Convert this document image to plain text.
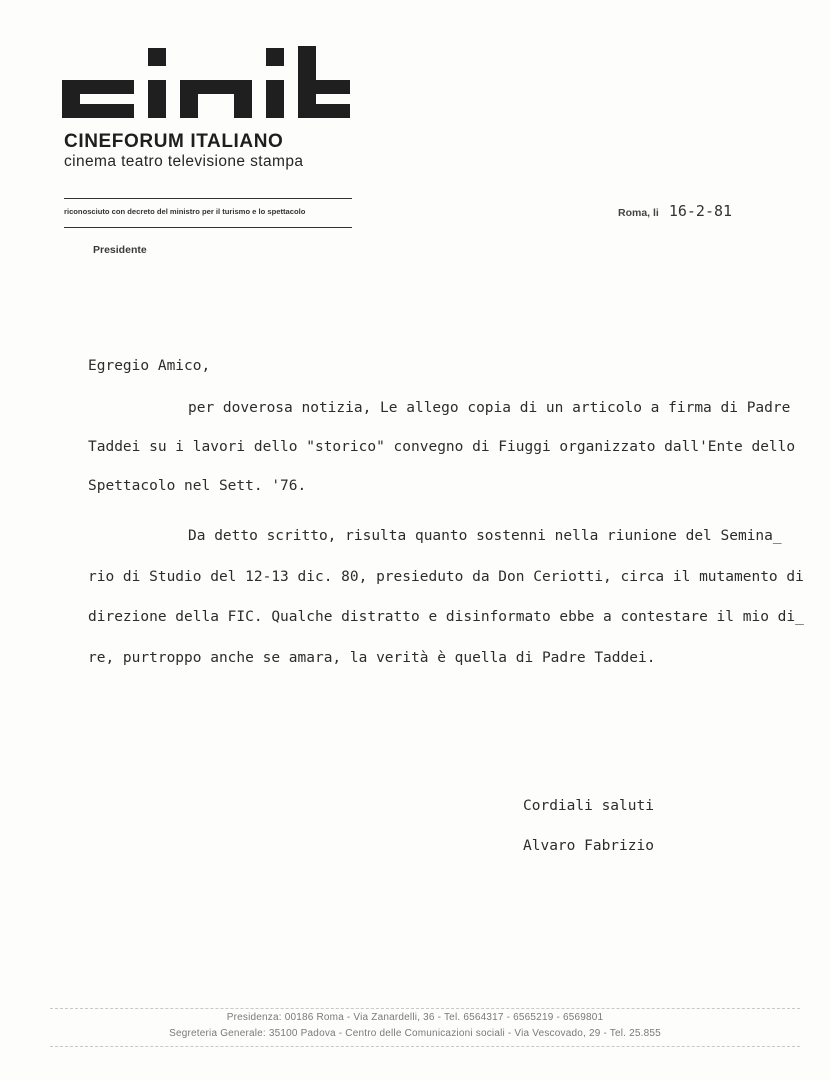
CINEFORUM ITALIANO
cinema teatro televisione stampa
riconosciuto con decreto del ministro per il turismo e lo spettacolo
Presidente
Roma, li 16-2-81
Egregio Amico,
per doverosa notizia, Le allego copia di un articolo a firma di Padre
Taddei su i lavori dello "storico" convegno di Fiuggi organizzato dall'Ente dello
Spettacolo nel Sett. '76.
Da detto scritto, risulta quanto sostenni nella riunione del Semina_
rio di Studio del 12-13 dic. 80, presieduto da Don Ceriotti, circa il mutamento di
direzione della FIC. Qualche distratto e disinformato ebbe a contestare il mio di_
re, purtroppo anche se amara, la verità è quella di Padre Taddei.
Cordiali saluti
Alvaro Fabrizio
Presidenza: 00186 Roma - Via Zanardelli, 36 - Tel. 6564317 - 6565219 - 6569801
Segreteria Generale: 35100 Padova - Centro delle Comunicazioni sociali - Via Vescovado, 29 - Tel. 25.855
